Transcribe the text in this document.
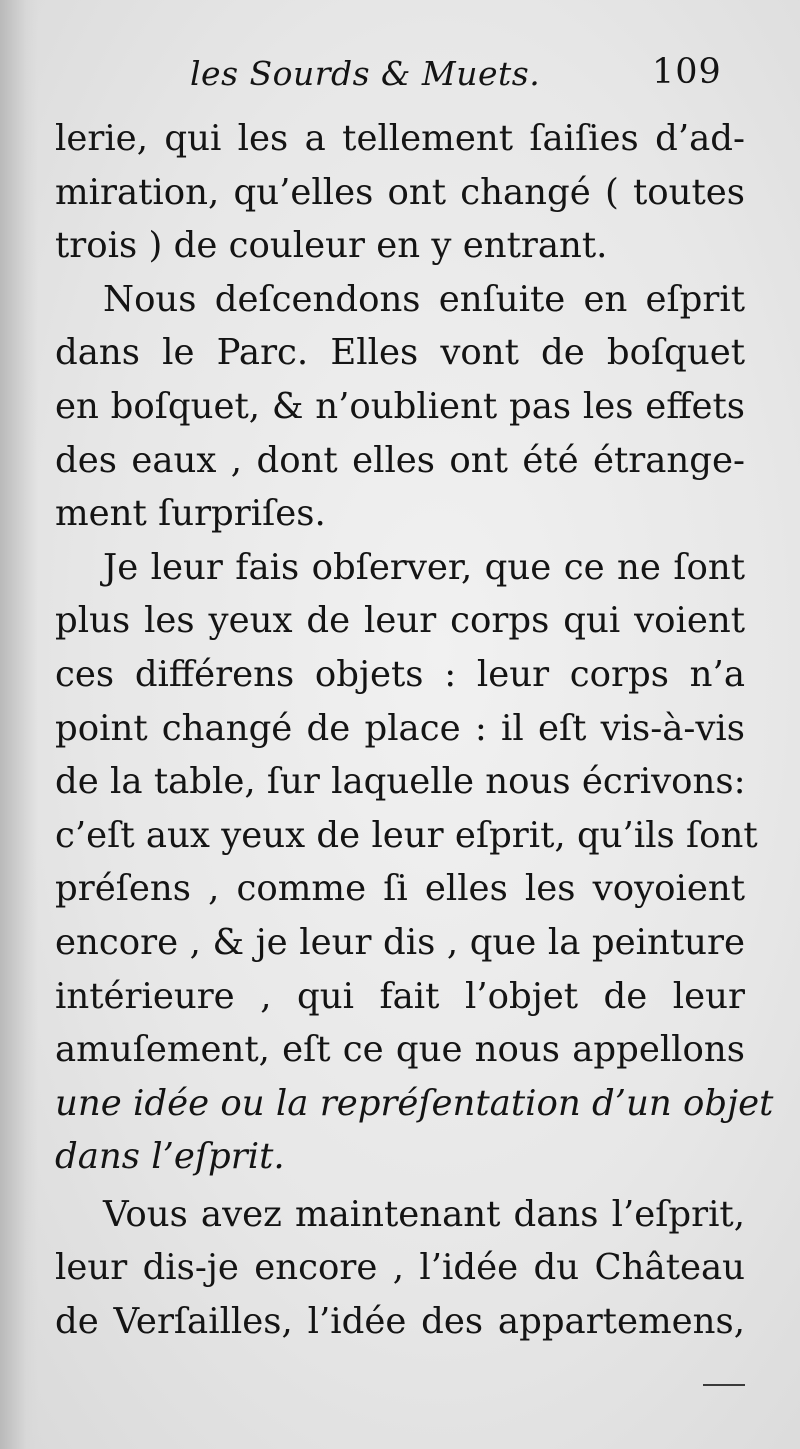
les Sourds & Muets.	109
lerie, qui les a tellement ſaiſies d’ad-
miration, qu’elles ont changé ( toutes
trois ) de couleur en y entrant.
Nous deſcendons enſuite en eſprit
dans le Parc. Elles vont de boſquet
en boſquet, & n’oublient pas les effets
des eaux , dont elles ont été étrange-
ment ſurpriſes.
Je leur fais obſerver, que ce ne ſont
plus les yeux de leur corps qui voient
ces différens objets : leur corps n’a
point changé de place : il eſt vis-à-vis
de la table, ſur laquelle nous écrivons:
c’eſt aux yeux de leur eſprit, qu’ils ſont
préſens , comme ſi elles les voyoient
encore , & je leur dis , que la peinture
intérieure , qui fait l’objet de leur
amuſement, eſt ce que nous appellons
une idée ou la repréſentation d’un objet
dans l’eſprit.
Vous avez maintenant dans l’eſprit,
leur dis-je encore , l’idée du Château
de Verſailles, l’idée des appartemens,
